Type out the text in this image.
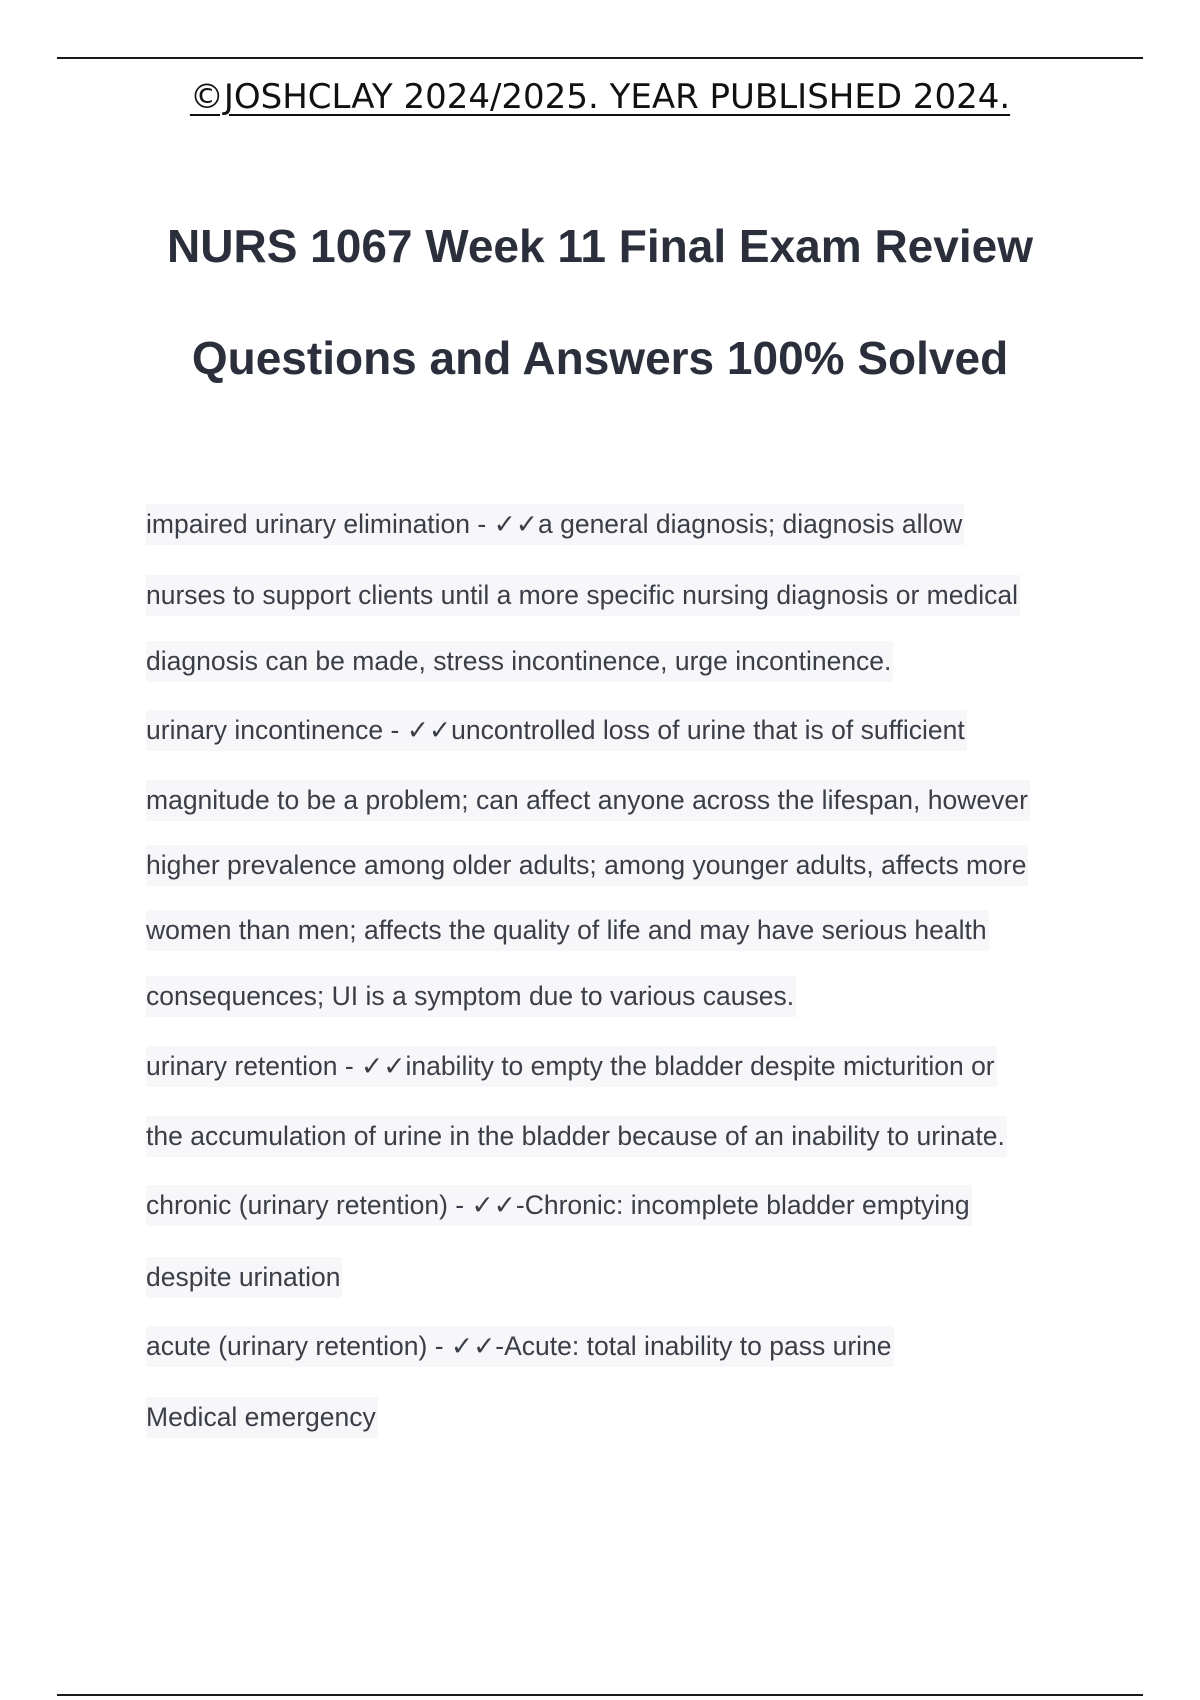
©JOSHCLAY 2024/2025. YEAR PUBLISHED 2024.
NURS 1067 Week 11 Final Exam Review
Questions and Answers 100% Solved
impaired urinary elimination - ✓✓a general diagnosis; diagnosis allow
nurses to support clients until a more specific nursing diagnosis or medical
diagnosis can be made, stress incontinence, urge incontinence.
urinary incontinence - ✓✓uncontrolled loss of urine that is of sufficient
magnitude to be a problem; can affect anyone across the lifespan, however
higher prevalence among older adults; among younger adults, affects more
women than men; affects the quality of life and may have serious health
consequences; UI is a symptom due to various causes.
urinary retention - ✓✓inability to empty the bladder despite micturition or
the accumulation of urine in the bladder because of an inability to urinate.
chronic (urinary retention) - ✓✓-Chronic: incomplete bladder emptying
despite urination
acute (urinary retention) - ✓✓-Acute: total inability to pass urine
Medical emergency
